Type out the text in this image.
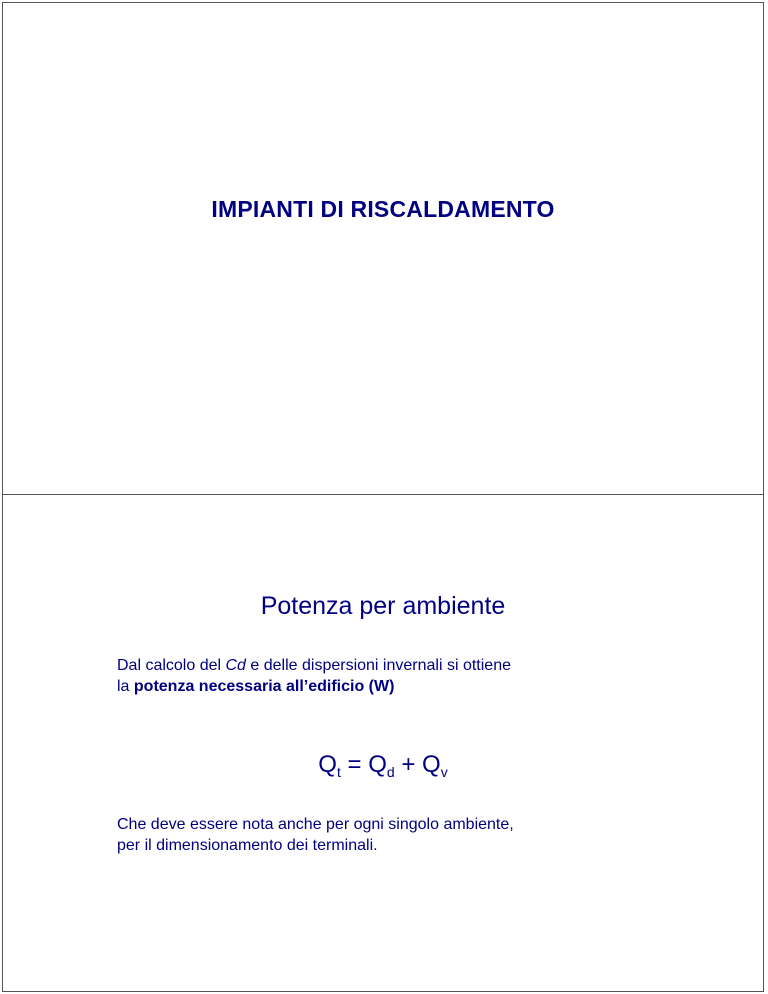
IMPIANTI DI RISCALDAMENTO
Potenza per ambiente
Dal calcolo del Cd e delle dispersioni invernali si ottiene
la potenza necessaria all’edificio (W)
$Q_t = Q_d + Q_v$
Che deve essere nota anche per ogni singolo ambiente,
per il dimensionamento dei terminali.
